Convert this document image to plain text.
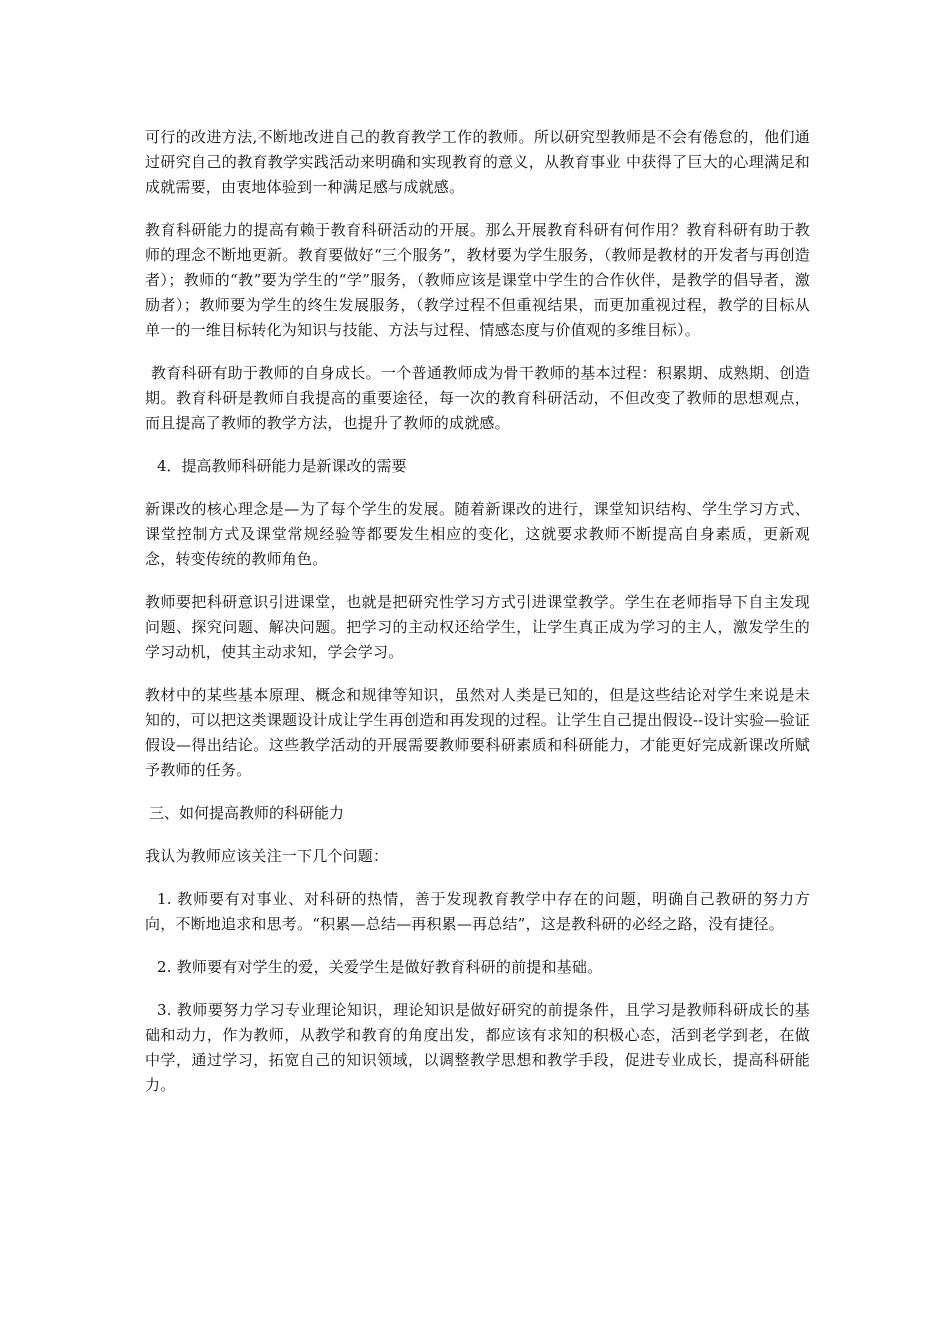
可行的改进方法,不断地改进自己的教育教学工作的教师。所以研究型教师是不会有倦怠的，他们通过研究自己的教育教学实践活动来明确和实现教育的意义，从教育事业 中获得了巨大的心理满足和成就需要，由衷地体验到一种满足感与成就感。

教育科研能力的提高有赖于教育科研活动的开展。那么开展教育科研有何作用？教育科研有助于教师的理念不断地更新。教育要做好“三个服务”，教材要为学生服务，（教师是教材的开发者与再创造者）；教师的“教”要为学生的“学”服务，（教师应该是课堂中学生的合作伙伴，是教学的倡导者，激励者）；教师要为学生的终生发展服务，（教学过程不但重视结果，而更加重视过程，教学的目标从单一的一维目标转化为知识与技能、方法与过程、情感态度与价值观的多维目标）。

教育科研有助于教师的自身成长。一个普通教师成为骨干教师的基本过程：积累期、成熟期、创造期。教育科研是教师自我提高的重要途径，每一次的教育科研活动，不但改变了教师的思想观点，而且提高了教师的教学方法，也提升了教师的成就感。

4．提高教师科研能力是新课改的需要

新课改的核心理念是—为了每个学生的发展。随着新课改的进行，课堂知识结构、学生学习方式、课堂控制方式及课堂常规经验等都要发生相应的变化，这就要求教师不断提高自身素质，更新观念，转变传统的教师角色。

教师要把科研意识引进课堂，也就是把研究性学习方式引进课堂教学。学生在老师指导下自主发现问题、探究问题、解决问题。把学习的主动权还给学生，让学生真正成为学习的主人，激发学生的学习动机，使其主动求知，学会学习。

教材中的某些基本原理、概念和规律等知识，虽然对人类是已知的，但是这些结论对学生来说是未知的，可以把这类课题设计成让学生再创造和再发现的过程。让学生自己提出假设--设计实验—验证假设—得出结论。这些教学活动的开展需要教师要科研素质和科研能力，才能更好完成新课改所赋予教师的任务。

三、如何提高教师的科研能力

我认为教师应该关注一下几个问题：

1. 教师要有对事业、对科研的热情，善于发现教育教学中存在的问题，明确自己教研的努力方向，不断地追求和思考。“积累—总结—再积累—再总结”，这是教科研的必经之路，没有捷径。

2. 教师要有对学生的爱，关爱学生是做好教育科研的前提和基础。

3. 教师要努力学习专业理论知识，理论知识是做好研究的前提条件，且学习是教师科研成长的基础和动力，作为教师，从教学和教育的角度出发，都应该有求知的积极心态，活到老学到老，在做中学，通过学习，拓宽自己的知识领域，以调整教学思想和教学手段，促进专业成长，提高科研能力。
